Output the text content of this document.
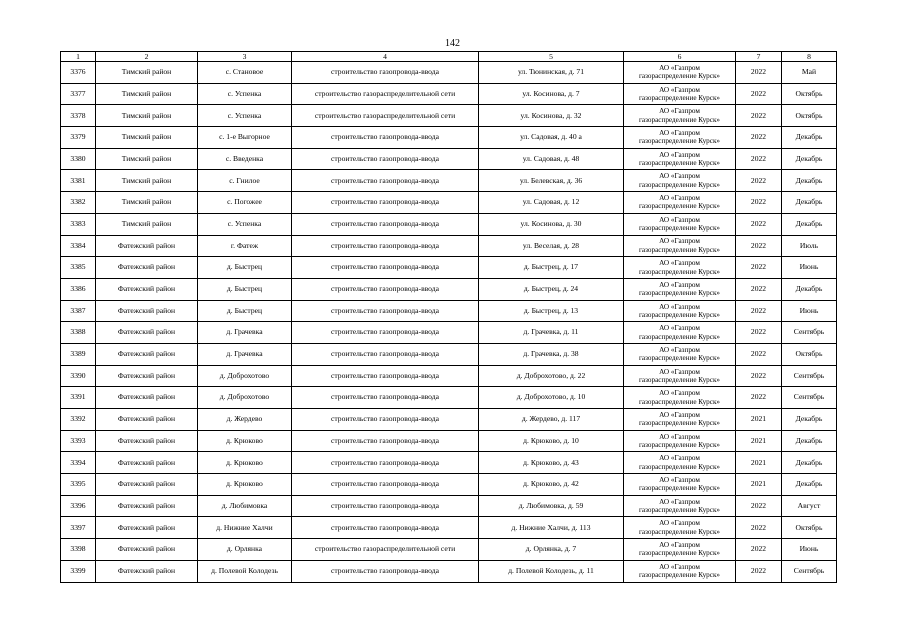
142
1	2	3	4	5	6	7	8
3376	Тимский район	с. Становое	строительство газопровода-ввода	ул. Тюнинская, д. 71	АО «Газпром
газораспределение Курск»	2022	Май
3377	Тимский район	с. Успенка	строительство газораспределительной сети	ул. Косинова, д. 7	АО «Газпром
газораспределение Курск»	2022	Октябрь
3378	Тимский район	с. Успенка	строительство газораспределительной сети	ул. Косинова, д. 32	АО «Газпром
газораспределение Курск»	2022	Октябрь
3379	Тимский район	с. 1-е Выгорное	строительство газопровода-ввода	ул. Садовая, д. 40 а	АО «Газпром
газораспределение Курск»	2022	Декабрь
3380	Тимский район	с. Введенка	строительство газопровода-ввода	ул. Садовая, д. 48	АО «Газпром
газораспределение Курск»	2022	Декабрь
3381	Тимский район	с. Гнилое	строительство газопровода-ввода	ул. Белевская, д. 36	АО «Газпром
газораспределение Курск»	2022	Декабрь
3382	Тимский район	с. Погожее	строительство газопровода-ввода	ул. Садовая, д. 12	АО «Газпром
газораспределение Курск»	2022	Декабрь
3383	Тимский район	с. Успенка	строительство газопровода-ввода	ул. Косинова, д. 30	АО «Газпром
газораспределение Курск»	2022	Декабрь
3384	Фатежский район	г. Фатеж	строительство газопровода-ввода	ул. Веселая, д. 28	АО «Газпром
газораспределение Курск»	2022	Июль
3385	Фатежский район	д. Быстрец	строительство газопровода-ввода	д. Быстрец, д. 17	АО «Газпром
газораспределение Курск»	2022	Июнь
3386	Фатежский район	д. Быстрец	строительство газопровода-ввода	д. Быстрец, д. 24	АО «Газпром
газораспределение Курск»	2022	Декабрь
3387	Фатежский район	д. Быстрец	строительство газопровода-ввода	д. Быстрец, д. 13	АО «Газпром
газораспределение Курск»	2022	Июнь
3388	Фатежский район	д. Грачевка	строительство газопровода-ввода	д. Грачевка, д. 11	АО «Газпром
газораспределение Курск»	2022	Сентябрь
3389	Фатежский район	д. Грачевка	строительство газопровода-ввода	д. Грачевка, д. 38	АО «Газпром
газораспределение Курск»	2022	Октябрь
3390	Фатежский район	д. Доброхотово	строительство газопровода-ввода	д. Доброхотово, д. 22	АО «Газпром
газораспределение Курск»	2022	Сентябрь
3391	Фатежский район	д. Доброхотово	строительство газопровода-ввода	д. Доброхотово, д. 10	АО «Газпром
газораспределение Курск»	2022	Сентябрь
3392	Фатежский район	д. Жердево	строительство газопровода-ввода	д. Жердево, д. 117	АО «Газпром
газораспределение Курск»	2021	Декабрь
3393	Фатежский район	д. Крюково	строительство газопровода-ввода	д. Крюково, д. 10	АО «Газпром
газораспределение Курск»	2021	Декабрь
3394	Фатежский район	д. Крюково	строительство газопровода-ввода	д. Крюково, д. 43	АО «Газпром
газораспределение Курск»	2021	Декабрь
3395	Фатежский район	д. Крюково	строительство газопровода-ввода	д. Крюково, д. 42	АО «Газпром
газораспределение Курск»	2021	Декабрь
3396	Фатежский район	д. Любимовка	строительство газопровода-ввода	д. Любимовка, д. 59	АО «Газпром
газораспределение Курск»	2022	Август
3397	Фатежский район	д. Нижние Халчи	строительство газопровода-ввода	д. Нижние Халчи, д. 113	АО «Газпром
газораспределение Курск»	2022	Октябрь
3398	Фатежский район	д. Орлянка	строительство газораспределительной сети	д. Орлянка, д. 7	АО «Газпром
газораспределение Курск»	2022	Июнь
3399	Фатежский район	д. Полевой Колодезь	строительство газопровода-ввода	д. Полевой Колодезь, д. 11	АО «Газпром
газораспределение Курск»	2022	Сентябрь
